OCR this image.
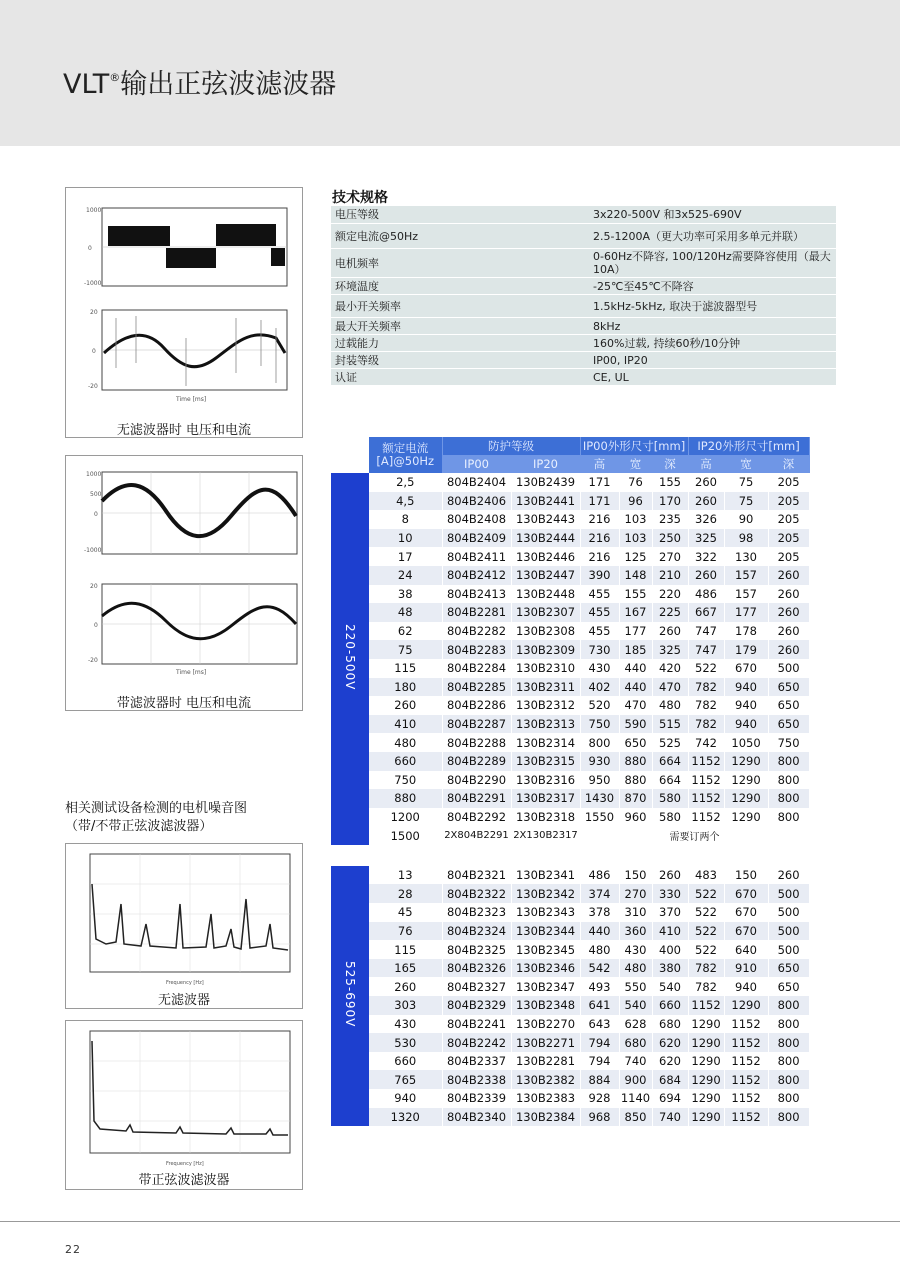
VLT®输出正弦波滤波器
1000
0
-1000
20
0
-20
Time [ms]
无滤波器时 电压和电流
1000
500
0
-1000
20
0
-20
Time [ms]
带滤波器时 电压和电流
相关测试设备检测的电机噪音图
（带/不带正弦波滤波器）
Frequency [Hz]
无滤波器
Frequency [Hz]
带正弦波滤波器
技术规格
电压等级	3x220-500V 和3x525-690V
额定电流@50Hz	2.5-1200A（更大功率可采用多单元并联）
电机频率	0-60Hz不降容, 100/120Hz需要降容使用（最大10A）
环境温度	-25℃至45℃不降容
最小开关频率	1.5kHz-5kHz, 取决于滤波器型号
最大开关频率	8kHz
过载能力	160%过载, 持续60秒/10分钟
封装等级	IP00, IP20
认证	CE, UL
	额定电流 [A]@50Hz	防护等级		IP00外形尺寸[mm]			IP20外形尺寸[mm]			
		IP00	IP20	高	宽	深	高	宽	深	
220-500V	2,5	804B2404	130B2439	171	76	155	260	75	205	
	4,5	804B2406	130B2441	171	96	170	260	75	205	
	8	804B2408	130B2443	216	103	235	326	90	205	
	10	804B2409	130B2444	216	103	250	325	98	205	
	17	804B2411	130B2446	216	125	270	322	130	205	
	24	804B2412	130B2447	390	148	210	260	157	260	
	38	804B2413	130B2448	455	155	220	486	157	260	
	48	804B2281	130B2307	455	167	225	667	177	260	
	62	804B2282	130B2308	455	177	260	747	178	260	
	75	804B2283	130B2309	730	185	325	747	179	260	
	115	804B2284	130B2310	430	440	420	522	670	500	
	180	804B2285	130B2311	402	440	470	782	940	650	
	260	804B2286	130B2312	520	470	480	782	940	650	
	410	804B2287	130B2313	750	590	515	782	940	650	
	480	804B2288	130B2314	800	650	525	742	1050	750	
	660	804B2289	130B2315	930	880	664	1152	1290	800	
	750	804B2290	130B2316	950	880	664	1152	1290	800	
	880	804B2291	130B2317	1430	870	580	1152	1290	800	
	1200	804B2292	130B2318	1550	960	580	1152	1290	800	
	1500	2X804B2291	2X130B2317	需要订两个						

525-690V	13	804B2321	130B2341	486	150	260	483	150	260	
	28	804B2322	130B2342	374	270	330	522	670	500	
	45	804B2323	130B2343	378	310	370	522	670	500	
	76	804B2324	130B2344	440	360	410	522	670	500	
	115	804B2325	130B2345	480	430	400	522	640	500	
	165	804B2326	130B2346	542	480	380	782	910	650	
	260	804B2327	130B2347	493	550	540	782	940	650	
	303	804B2329	130B2348	641	540	660	1152	1290	800	
	430	804B2241	130B2270	643	628	680	1290	1152	800	
	530	804B2242	130B2271	794	680	620	1290	1152	800	
	660	804B2337	130B2281	794	740	620	1290	1152	800	
	765	804B2338	130B2382	884	900	684	1290	1152	800	
	940	804B2339	130B2383	928	1140	694	1290	1152	800	
	1320	804B2340	130B2384	968	850	740	1290	1152	800	
22
